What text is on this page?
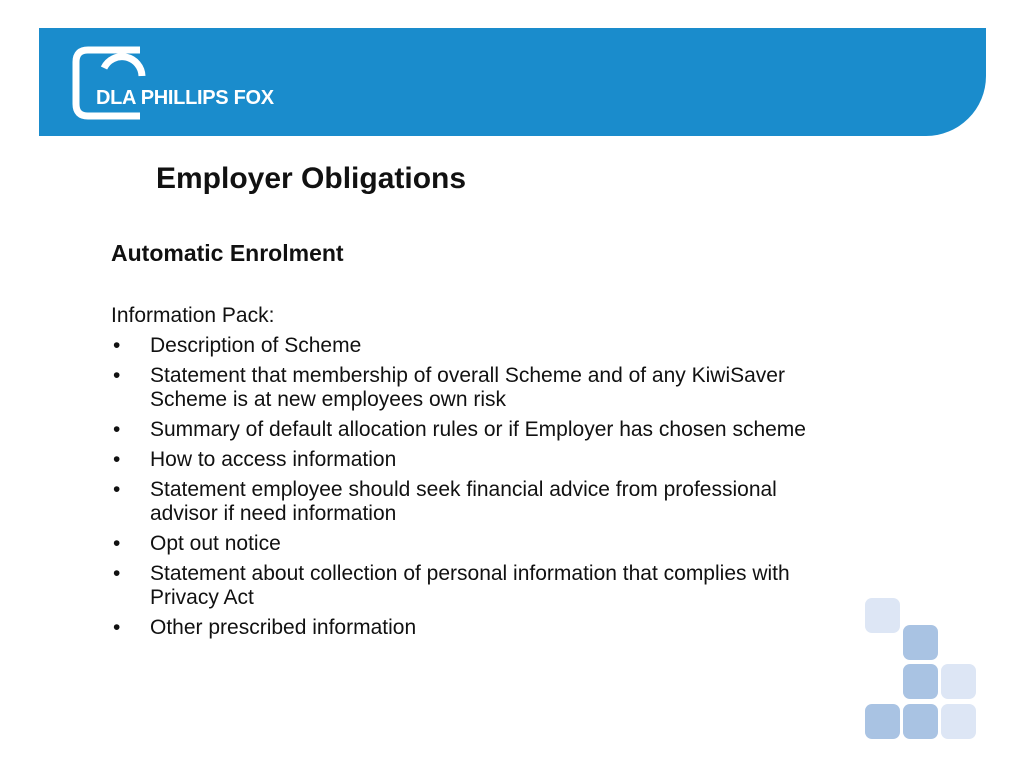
DLA PHILLIPS FOX
Employer Obligations
Automatic Enrolment

Information Pack:

• Description of Scheme
• Statement that membership of overall Scheme and of any KiwiSaver Scheme is at new employees own risk
• Summary of default allocation rules or if Employer has chosen scheme
• How to access information
• Statement employee should seek financial advice from professional advisor if need information
• Opt out notice
• Statement about collection of personal information that complies with Privacy Act
• Other prescribed information
